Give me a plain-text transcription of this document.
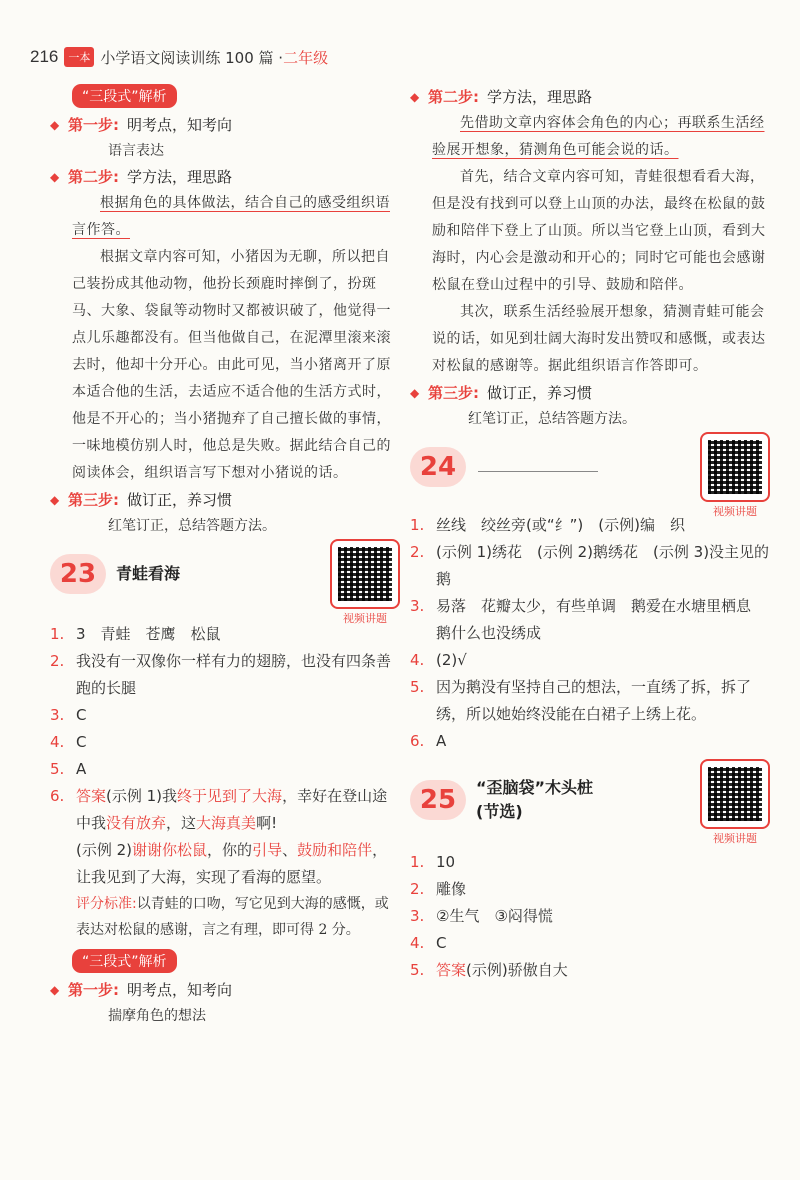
216 一本 小学语文阅读训练 100 篇 · 二年级
“三段式”解析
◆ 第一步: 明考点，知考向
语言表达
◆ 第二步: 学方法，理思路
根据角色的具体做法，结合自己的感受组织语言作答。
根据文章内容可知，小猪因为无聊，所以把自己装扮成其他动物，他扮长颈鹿时摔倒了，扮斑马、大象、袋鼠等动物时又都被识破了，他觉得一点儿乐趣都没有。但当他做自己，在泥潭里滚来滚去时，他却十分开心。由此可见，当小猪离开了原本适合他的生活，去适应不适合他的生活方式时，他是不开心的；当小猪抛弃了自己擅长做的事情，一味地模仿别人时，他总是失败。据此结合自己的阅读体会，组织语言写下想对小猪说的话。
◆ 第三步: 做订正，养习惯
红笔订正，总结答题方法。
23 青蛙看海
视频讲题
1. 3　青蛙　苍鹰　松鼠
2. 我没有一双像你一样有力的翅膀，也没有四条善跑的长腿
3. C
4. C
5. A
6. 答案(示例 1)我终于见到了大海，幸好在登山途中我没有放弃，这大海真美啊!
(示例 2)谢谢你松鼠，你的引导、鼓励和陪伴，让我见到了大海，实现了看海的愿望。
评分标准:以青蛙的口吻，写它见到大海的感慨，或表达对松鼠的感谢，言之有理，即可得 2 分。
“三段式”解析
◆ 第一步: 明考点，知考向
揣摩角色的想法
◆ 第二步: 学方法，理思路
先借助文章内容体会角色的内心；再联系生活经验展开想象，猜测角色可能会说的话。
首先，结合文章内容可知，青蛙很想看看大海，但是没有找到可以登上山顶的办法，最终在松鼠的鼓励和陪伴下登上了山顶。所以当它登上山顶，看到大海时，内心会是激动和开心的；同时它可能也会感谢松鼠在登山过程中的引导、鼓励和陪伴。
其次，联系生活经验展开想象，猜测青蛙可能会说的话，如见到壮阔大海时发出赞叹和感慨，或表达对松鼠的感谢等。据此组织语言作答即可。
◆ 第三步: 做订正，养习惯
红笔订正，总结答题方法。
24
视频讲题
1. 丝线　绞丝旁(或“纟”)　(示例)编　织
2. (示例 1)绣花　(示例 2)鹅绣花　(示例 3)没主见的鹅
3. 易落　花瓣太少，有些单调　鹅爱在水塘里栖息　鹅什么也没绣成
4. (2)√
5. 因为鹅没有坚持自己的想法，一直绣了拆，拆了绣，所以她始终没能在白裙子上绣上花。
6. A
25 “歪脑袋”木头桩
(节选)
视频讲题
1. 10
2. 雕像
3. ②生气　③闷得慌
4. C
5. 答案(示例)骄傲自大
